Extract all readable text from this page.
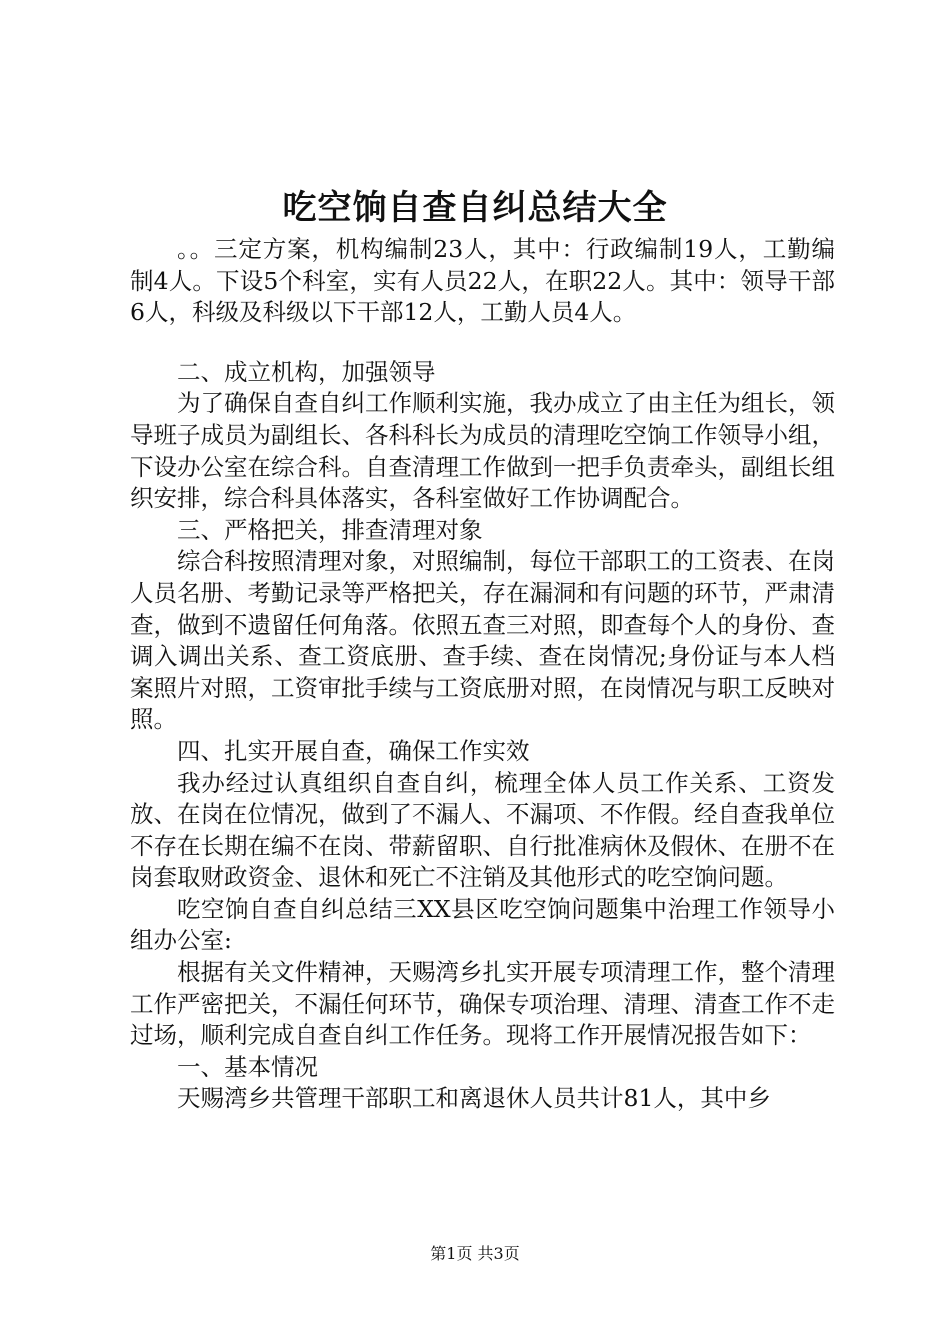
吃空饷自查自纠总结大全

。。三定方案，机构编制23人，其中：行政编制19人，工勤编制4人。下设5个科室，实有人员22人，在职22人。其中：领导干部6人，科级及科级以下干部12人，工勤人员4人。

二、成立机构，加强领导

为了确保自查自纠工作顺利实施，我办成立了由主任为组长，领导班子成员为副组长、各科科长为成员的清理吃空饷工作领导小组，下设办公室在综合科。自查清理工作做到一把手负责牵头，副组长组织安排，综合科具体落实，各科室做好工作协调配合。

三、严格把关，排查清理对象

综合科按照清理对象，对照编制，每位干部职工的工资表、在岗人员名册、考勤记录等严格把关，存在漏洞和有问题的环节，严肃清查，做到不遗留任何角落。依照五查三对照，即查每个人的身份、查调入调出关系、查工资底册、查手续、查在岗情况;身份证与本人档案照片对照，工资审批手续与工资底册对照，在岗情况与职工反映对照。

四、扎实开展自查，确保工作实效

我办经过认真组织自查自纠，梳理全体人员工作关系、工资发放、在岗在位情况，做到了不漏人、不漏项、不作假。经自查我单位不存在长期在编不在岗、带薪留职、自行批准病休及假休、在册不在岗套取财政资金、退休和死亡不注销及其他形式的吃空饷问题。

吃空饷自查自纠总结三XX县区吃空饷问题集中治理工作领导小组办公室:

根据有关文件精神，天赐湾乡扎实开展专项清理工作，整个清理工作严密把关，不漏任何环节，确保专项治理、清理、清查工作不走过场，顺利完成自查自纠工作任务。现将工作开展情况报告如下：

一、基本情况

天赐湾乡共管理干部职工和离退休人员共计81人，其中乡

第1页 共3页
